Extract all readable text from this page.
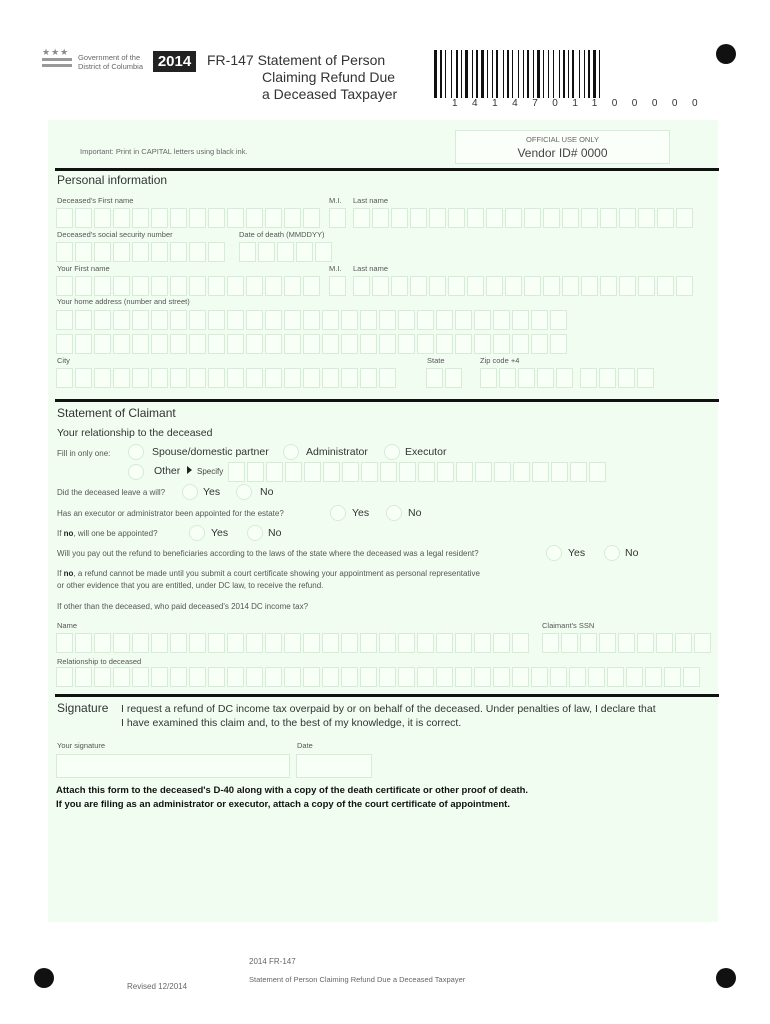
★★★
Government of the
District of Columbia 2014	FR-147 Statement of Person
Claiming Refund Due
a Deceased Taxpayer
1414701100000
Important: Print in CAPITAL letters using black ink.
OFFICIAL USE ONLY
Vendor ID# 0000
Personal information
Deceased's First name	M.I. Last name
Deceased's social security number	Date of death (MMDDYY)
Your First name	M.I. Last name
Your home address (number and street)
City	State	Zip code +4
Statement of Claimant
Your relationship to the deceased
Fill in only one:	Spouse/domestic partner	Administrator	Executor
Other Specify
Did the deceased leave a will?	Yes	No
Has an executor or administrator been appointed for the estate?	Yes	No
If no, will one be appointed?	Yes	No
Will you pay out the refund to beneficiaries according to the laws of the state where the deceased was a legal resident?	Yes	No
If no, a refund cannot be made until you submit a court certificate showing your appointment as personal representative
or other evidence that you are entitled, under DC law, to receive the refund.
If other than the deceased, who paid deceased's 2014 DC income tax?
Name	Claimant's SSN
Relationship to deceased
Signature I request a refund of DC income tax overpaid by or on behalf of the deceased. Under penalties of law, I declare that
I have examined this claim and, to the best of my knowledge, it is correct.
Your signature	Date
Attach this form to the deceased's D-40 along with a copy of the death certificate or other proof of death.
If you are filing as an administrator or executor, attach a copy of the court certificate of appointment.
2014 FR-147
Statement of Person Claiming Refund Due a Deceased Taxpayer
Revised 12/2014
